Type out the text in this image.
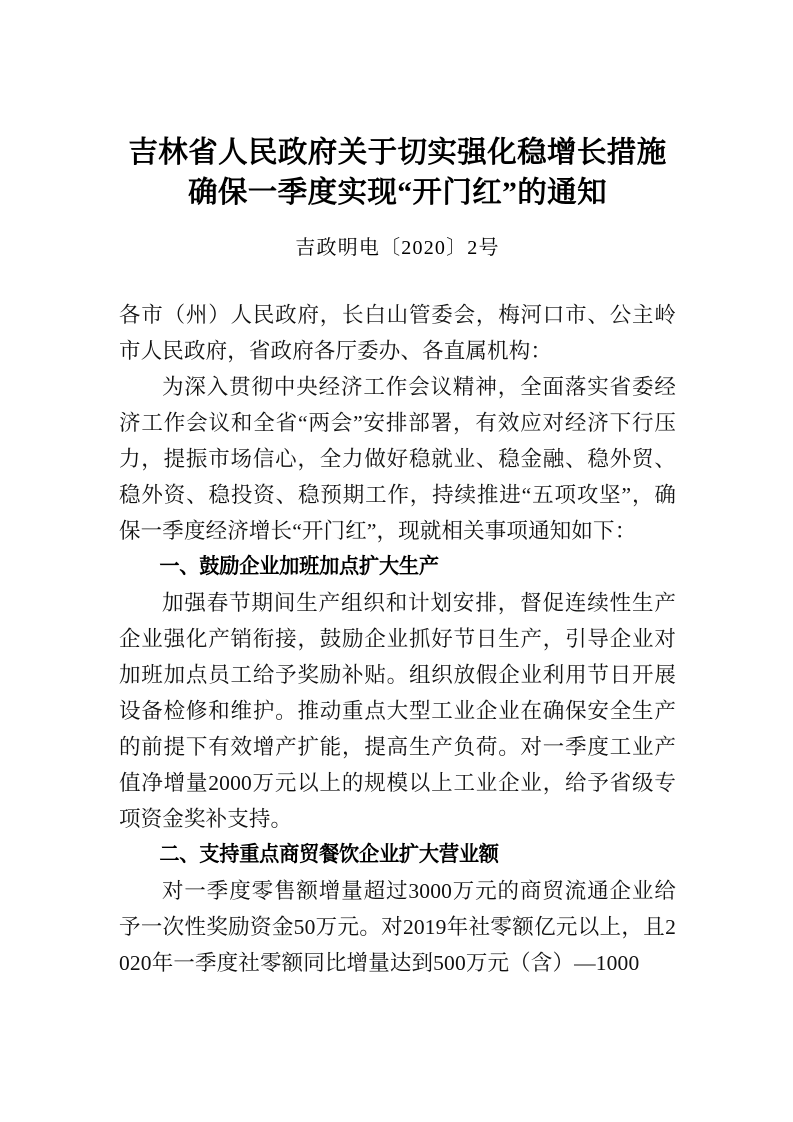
吉林省人民政府关于切实强化稳增长措施
确保一季度实现“开门红”的通知
吉政明电〔2020〕2号

各市（州）人民政府，长白山管委会，梅河口市、公主岭市人民政府，省政府各厅委办、各直属机构：

为深入贯彻中央经济工作会议精神，全面落实省委经济工作会议和全省“两会”安排部署，有效应对经济下行压力，提振市场信心，全力做好稳就业、稳金融、稳外贸、稳外资、稳投资、稳预期工作，持续推进“五项攻坚”，确保一季度经济增长“开门红”，现就相关事项通知如下：

一、鼓励企业加班加点扩大生产

加强春节期间生产组织和计划安排，督促连续性生产企业强化产销衔接，鼓励企业抓好节日生产，引导企业对加班加点员工给予奖励补贴。组织放假企业利用节日开展设备检修和维护。推动重点大型工业企业在确保安全生产的前提下有效增产扩能，提高生产负荷。对一季度工业产值净增量2000万元以上的规模以上工业企业，给予省级专项资金奖补支持。

二、支持重点商贸餐饮企业扩大营业额

对一季度零售额增量超过3000万元的商贸流通企业给予一次性奖励资金50万元。对2019年社零额亿元以上，且2020年一季度社零额同比增量达到500万元（含）—1000
